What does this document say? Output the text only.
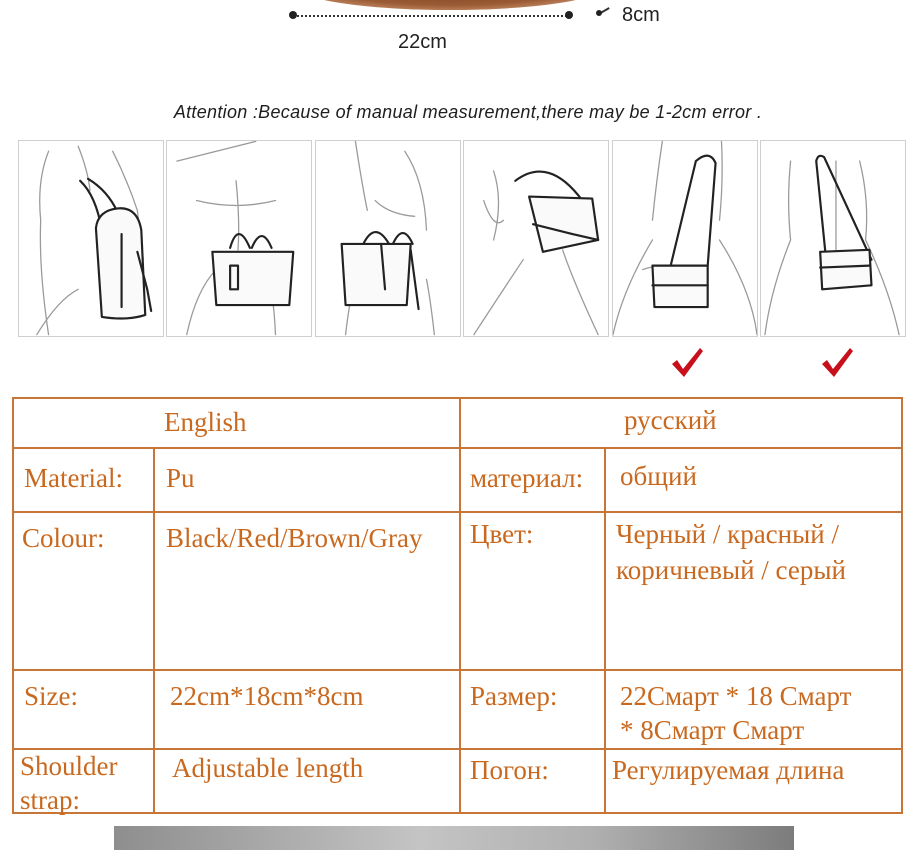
22cm
8cm
Attention :Because of manual measurement,there may be 1-2cm error .
English	русский
Material: Pu	материал: общий
Colour: Black/Red/Brown/Gray Цвет:	Черный / красный /
коричневый / серый
Size:	22cm*18cm*8cm	Размер: 22Смарт * 18 Смарт
* 8Смарт Смарт
Shoulder
strap:
Adjustable length	Погон: Регулируемая длина
